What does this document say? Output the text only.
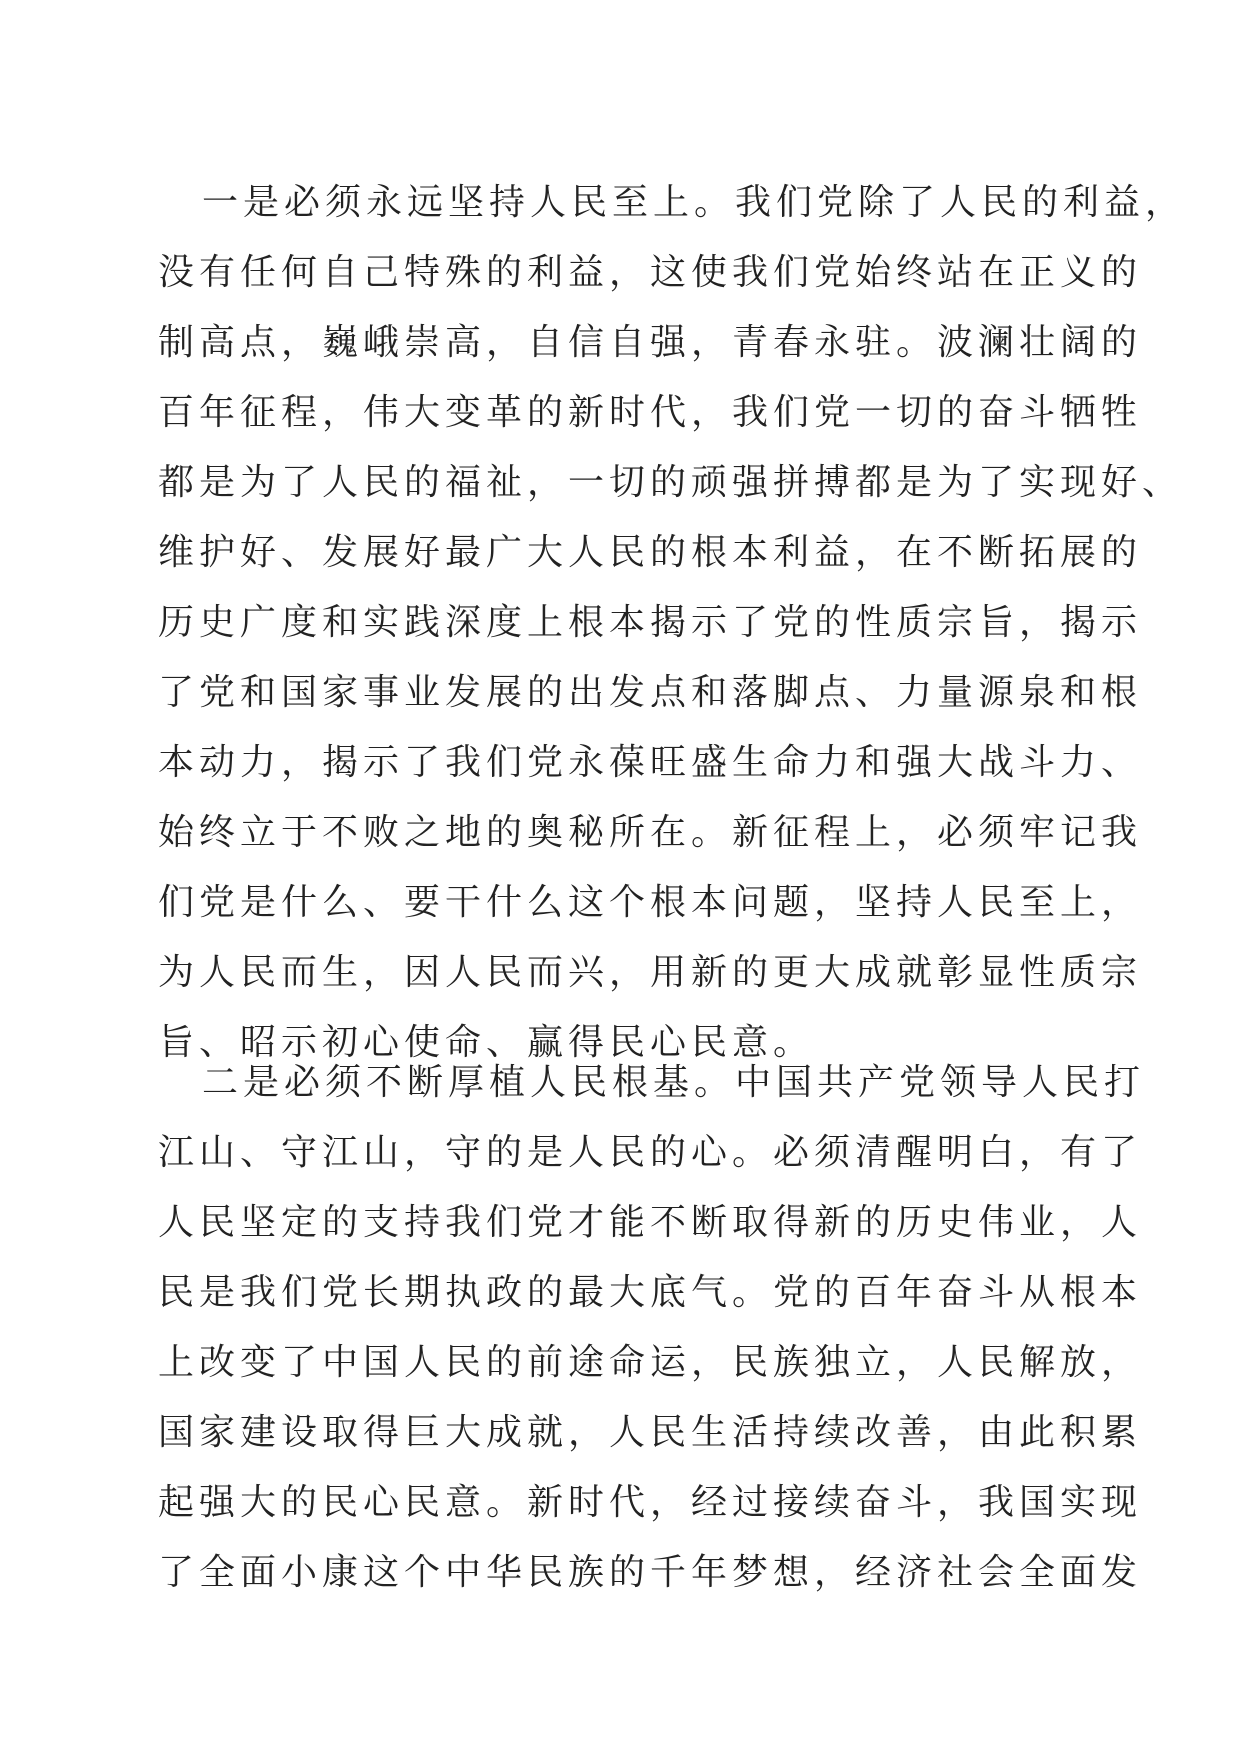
一是必须永远坚持人民至上。我们党除了人民的利益，
没有任何自己特殊的利益，这使我们党始终站在正义的
制高点，巍峨崇高，自信自强，青春永驻。波澜壮阔的
百年征程，伟大变革的新时代，我们党一切的奋斗牺牲
都是为了人民的福祉，一切的顽强拼搏都是为了实现好、
维护好、发展好最广大人民的根本利益，在不断拓展的
历史广度和实践深度上根本揭示了党的性质宗旨，揭示
了党和国家事业发展的出发点和落脚点、力量源泉和根
本动力，揭示了我们党永葆旺盛生命力和强大战斗力、
始终立于不败之地的奥秘所在。新征程上，必须牢记我
们党是什么、要干什么这个根本问题，坚持人民至上，
为人民而生，因人民而兴，用新的更大成就彰显性质宗
旨、昭示初心使命、赢得民心民意。
二是必须不断厚植人民根基。中国共产党领导人民打
江山、守江山，守的是人民的心。必须清醒明白，有了
人民坚定的支持我们党才能不断取得新的历史伟业，人
民是我们党长期执政的最大底气。党的百年奋斗从根本
上改变了中国人民的前途命运，民族独立，人民解放，
国家建设取得巨大成就，人民生活持续改善，由此积累
起强大的民心民意。新时代，经过接续奋斗，我国实现
了全面小康这个中华民族的千年梦想，经济社会全面发
